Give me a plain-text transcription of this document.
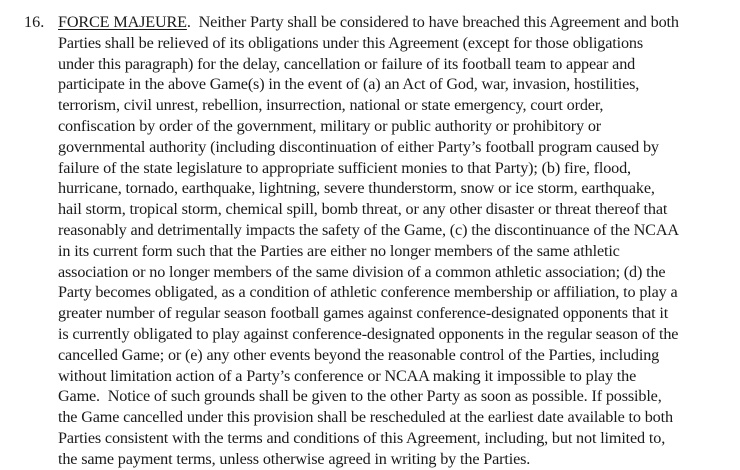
16. FORCE MAJEURE.  Neither Party shall be considered to have breached this Agreement and both
Parties shall be relieved of its obligations under this Agreement (except for those obligations
under this paragraph) for the delay, cancellation or failure of its football team to appear and
participate in the above Game(s) in the event of (a) an Act of God, war, invasion, hostilities,
terrorism, civil unrest, rebellion, insurrection, national or state emergency, court order,
confiscation by order of the government, military or public authority or prohibitory or
governmental authority (including discontinuation of either Party’s football program caused by
failure of the state legislature to appropriate sufficient monies to that Party); (b) fire, flood,
hurricane, tornado, earthquake, lightning, severe thunderstorm, snow or ice storm, earthquake,
hail storm, tropical storm, chemical spill, bomb threat, or any other disaster or threat thereof that
reasonably and detrimentally impacts the safety of the Game, (c) the discontinuance of the NCAA
in its current form such that the Parties are either no longer members of the same athletic
association or no longer members of the same division of a common athletic association; (d) the
Party becomes obligated, as a condition of athletic conference membership or affiliation, to play a
greater number of regular season football games against conference-designated opponents that it
is currently obligated to play against conference-designated opponents in the regular season of the
cancelled Game; or (e) any other events beyond the reasonable control of the Parties, including
without limitation action of a Party’s conference or NCAA making it impossible to play the
Game.  Notice of such grounds shall be given to the other Party as soon as possible. If possible,
the Game cancelled under this provision shall be rescheduled at the earliest date available to both
Parties consistent with the terms and conditions of this Agreement, including, but not limited to,
the same payment terms, unless otherwise agreed in writing by the Parties.
